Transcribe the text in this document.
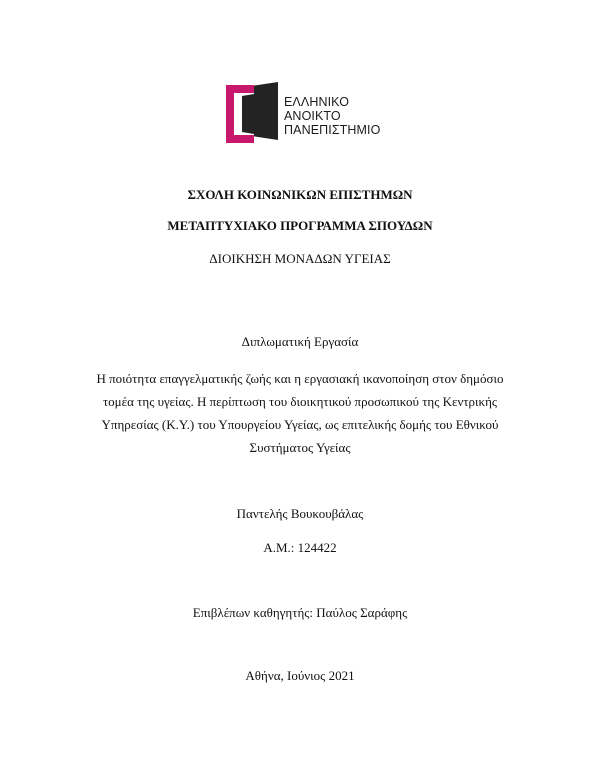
ΕΛΛΗΝΙΚΟ
ΑΝΟΙΚΤΟ
ΠΑΝΕΠΙΣΤΗΜΙΟ
ΣΧΟΛΗ ΚΟΙΝΩΝΙΚΩΝ ΕΠΙΣΤΗΜΩΝ
ΜΕΤΑΠΤΥΧΙΑΚΟ ΠΡΟΓΡΑΜΜΑ ΣΠΟΥΔΩΝ
ΔΙΟΙΚΗΣΗ ΜΟΝΑΔΩΝ ΥΓΕΙΑΣ
Διπλωματική Εργασία
Η ποιότητα επαγγελματικής ζωής και η εργασιακή ικανοποίηση στον δημόσιο
τομέα της υγείας. Η περίπτωση του διοικητικού προσωπικού της Κεντρικής
Υπηρεσίας (Κ.Υ.) του Υπουργείου Υγείας, ως επιτελικής δομής του Εθνικού
Συστήματος Υγείας
Παντελής Βουκουβάλας
Α.Μ.: 124422
Επιβλέπων καθηγητής: Παύλος Σαράφης
Αθήνα, Ιούνιος 2021
